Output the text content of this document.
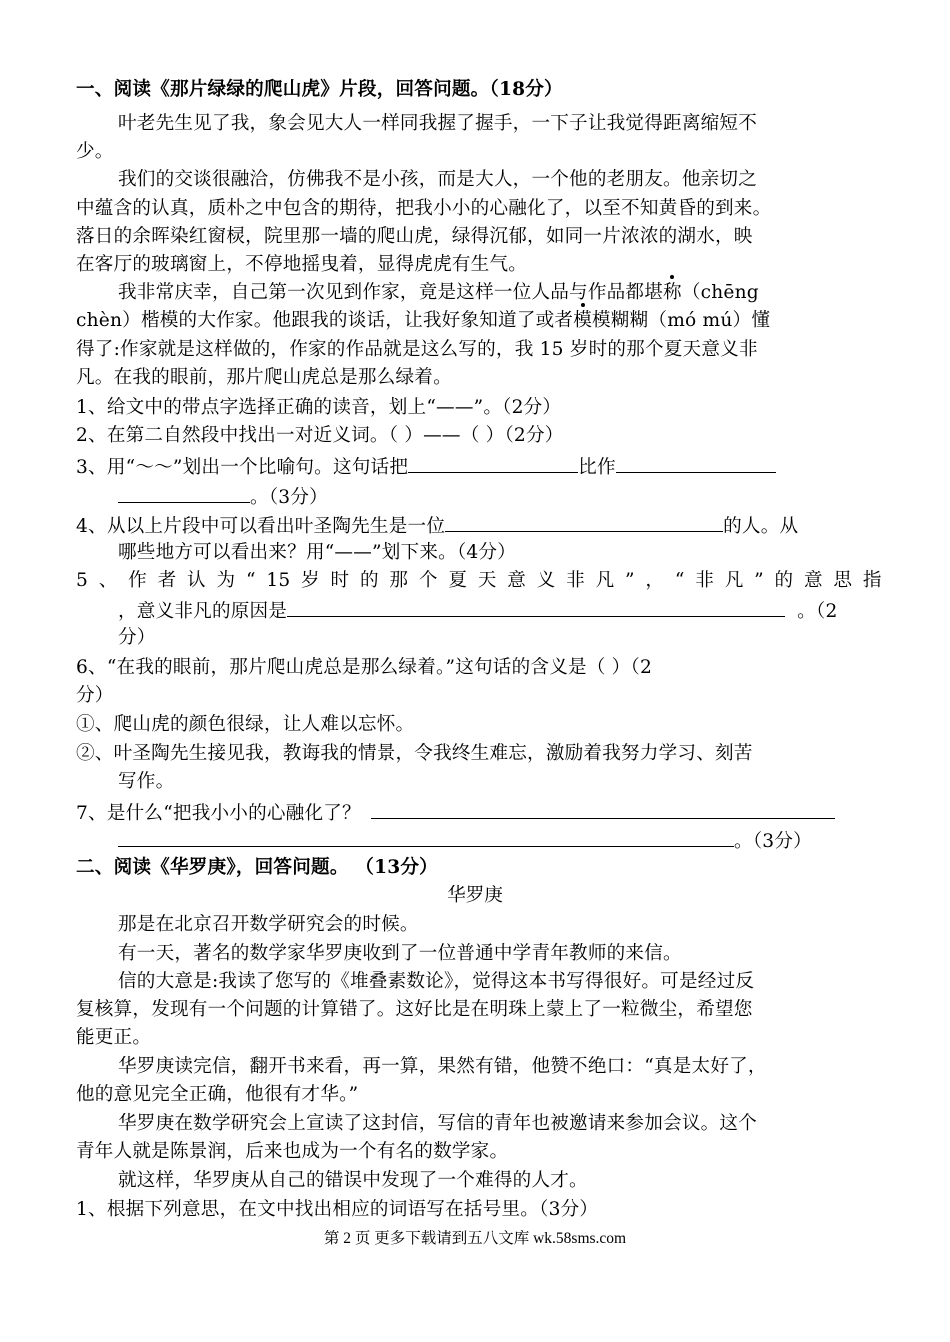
一、阅读《那片绿绿的爬山虎》片段，回答问题。（18分）
叶老先生见了我，象会见大人一样同我握了握手，一下子让我觉得距离缩短不
少。
我们的交谈很融洽，仿佛我不是小孩，而是大人，一个他的老朋友。他亲切之
中蕴含的认真，质朴之中包含的期待，把我小小的心融化了，以至不知黄昏的到来。
落日的余晖染红窗棂，院里那一墙的爬山虎，绿得沉郁，如同一片浓浓的湖水，映
在客厅的玻璃窗上，不停地摇曳着，显得虎虎有生气。
我非常庆幸，自己第一次见到作家，竟是这样一位人品与作品都堪称（chēng
chèn）楷模的大作家。他跟我的谈话，让我好象知道了或者模模糊糊（mó mú）懂
得了:作家就是这样做的，作家的作品就是这么写的，我 15 岁时的那个夏天意义非
凡。在我的眼前，那片爬山虎总是那么绿着。
1、给文中的带点字选择正确的读音，划上“——”。（2分）
2、在第二自然段中找出一对近义词。（ ）——（ ）（2分）
3、用“～～”划出一个比喻句。这句话把	比作
。（3分）
4、从以上片段中可以看出叶圣陶先生是一位	的人。从
哪些地方可以看出来？用“——”划下来。（4分）
5 、 作 者 认 为 “ 15 岁 时 的 那 个 夏 天 意 义 非 凡 ” ， “ 非 凡 ” 的 意 思 指
，意义非凡的原因是	。（2
分）
6、“在我的眼前，那片爬山虎总是那么绿着。”这句话的含义是（ ）（2
分）
①、爬山虎的颜色很绿，让人难以忘怀。
②、叶圣陶先生接见我，教诲我的情景，令我终生难忘，激励着我努力学习、刻苦
写作。
7、是什么“把我小小的心融化了？
。（3分）
二、阅读《华罗庚》，回答问题。 （13分）
华罗庚
那是在北京召开数学研究会的时候。
有一天，著名的数学家华罗庚收到了一位普通中学青年教师的来信。
信的大意是:我读了您写的《堆叠素数论》，觉得这本书写得很好。可是经过反
复核算，发现有一个问题的计算错了。这好比是在明珠上蒙上了一粒微尘，希望您
能更正。
华罗庚读完信，翻开书来看，再一算，果然有错，他赞不绝口：“真是太好了，
他的意见完全正确，他很有才华。”
华罗庚在数学研究会上宣读了这封信，写信的青年也被邀请来参加会议。这个
青年人就是陈景润，后来也成为一个有名的数学家。
就这样，华罗庚从自己的错误中发现了一个难得的人才。
1、根据下列意思，在文中找出相应的词语写在括号里。（3分）
第 2 页 更多下载请到五八文库 wk.58sms.com
